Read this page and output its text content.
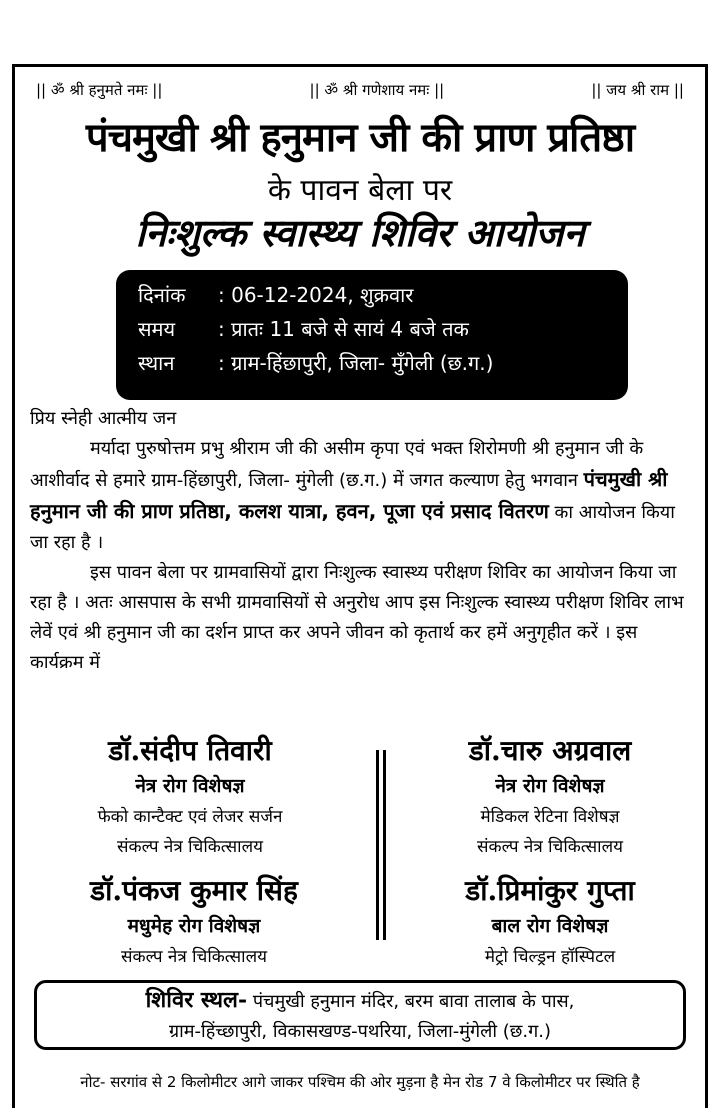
|| ॐ श्री हनुमते नमः ||	|| ॐ श्री गणेशाय नमः ||	|| जय श्री राम ||
पंचमुखी श्री हनुमान जी की प्राण प्रतिष्ठा
के पावन बेला पर
निःशुल्क स्वास्थ्य शिविर आयोजन
दिनांक	: 06-12-2024, शुक्रवार
समय	: प्रातः 11 बजे से सायं 4 बजे तक
स्थान	: ग्राम-हिंछापुरी, जिला- मुँगेली (छ.ग.)

प्रिय स्नेही आत्मीय जन

मर्यादा पुरुषोत्तम प्रभु श्रीराम जी की असीम कृपा एवं भक्त शिरोमणी श्री हनुमान जी के आशीर्वाद से हमारे ग्राम-हिंछापुरी, जिला- मुंगेली (छ.ग.) में जगत कल्याण हेतु भगवान पंचमुखी श्री हनुमान जी की प्राण प्रतिष्ठा, कलश यात्रा, हवन, पूजा एवं प्रसाद वितरण का आयोजन किया जा रहा है ।

इस पावन बेला पर ग्रामवासियों द्वारा निःशुल्क स्वास्थ्य परीक्षण शिविर का आयोजन किया जा रहा है । अतः आसपास के सभी ग्रामवासियों से अनुरोध आप इस निःशुल्क स्वास्थ्य परीक्षण शिविर लाभ लेवें एवं श्री हनुमान जी का दर्शन प्राप्त कर अपने जीवन को कृतार्थ कर हमें अनुगृहीत करें । इस कार्यक्रम में

डॉ.संदीप तिवारी
नेत्र रोग विशेषज्ञ
फेको कान्टैक्ट एवं लेजर सर्जन
संकल्प नेत्र चिकित्सालय
डॉ.चारु अग्रवाल
नेत्र रोग विशेषज्ञ
मेडिकल रेटिना विशेषज्ञ
संकल्प नेत्र चिकित्सालय
डॉ.पंकज कुमार सिंह
मधुमेह रोग विशेषज्ञ
संकल्प नेत्र चिकित्सालय
डॉ.प्रिमांकुर गुप्ता
बाल रोग विशेषज्ञ
मेट्रो चिल्ड्रन हॉस्पिटल
शिविर स्थल- पंचमुखी हनुमान मंदिर, बरम बावा तालाब के पास,
ग्राम-हिंच्छापुरी, विकासखण्ड-पथरिया, जिला-मुंगेली (छ.ग.)
नोट- सरगांव से 2 किलोमीटर आगे जाकर पश्चिम की ओर मुड़ना है मेन रोड 7 वे किलोमीटर पर स्थिति है
